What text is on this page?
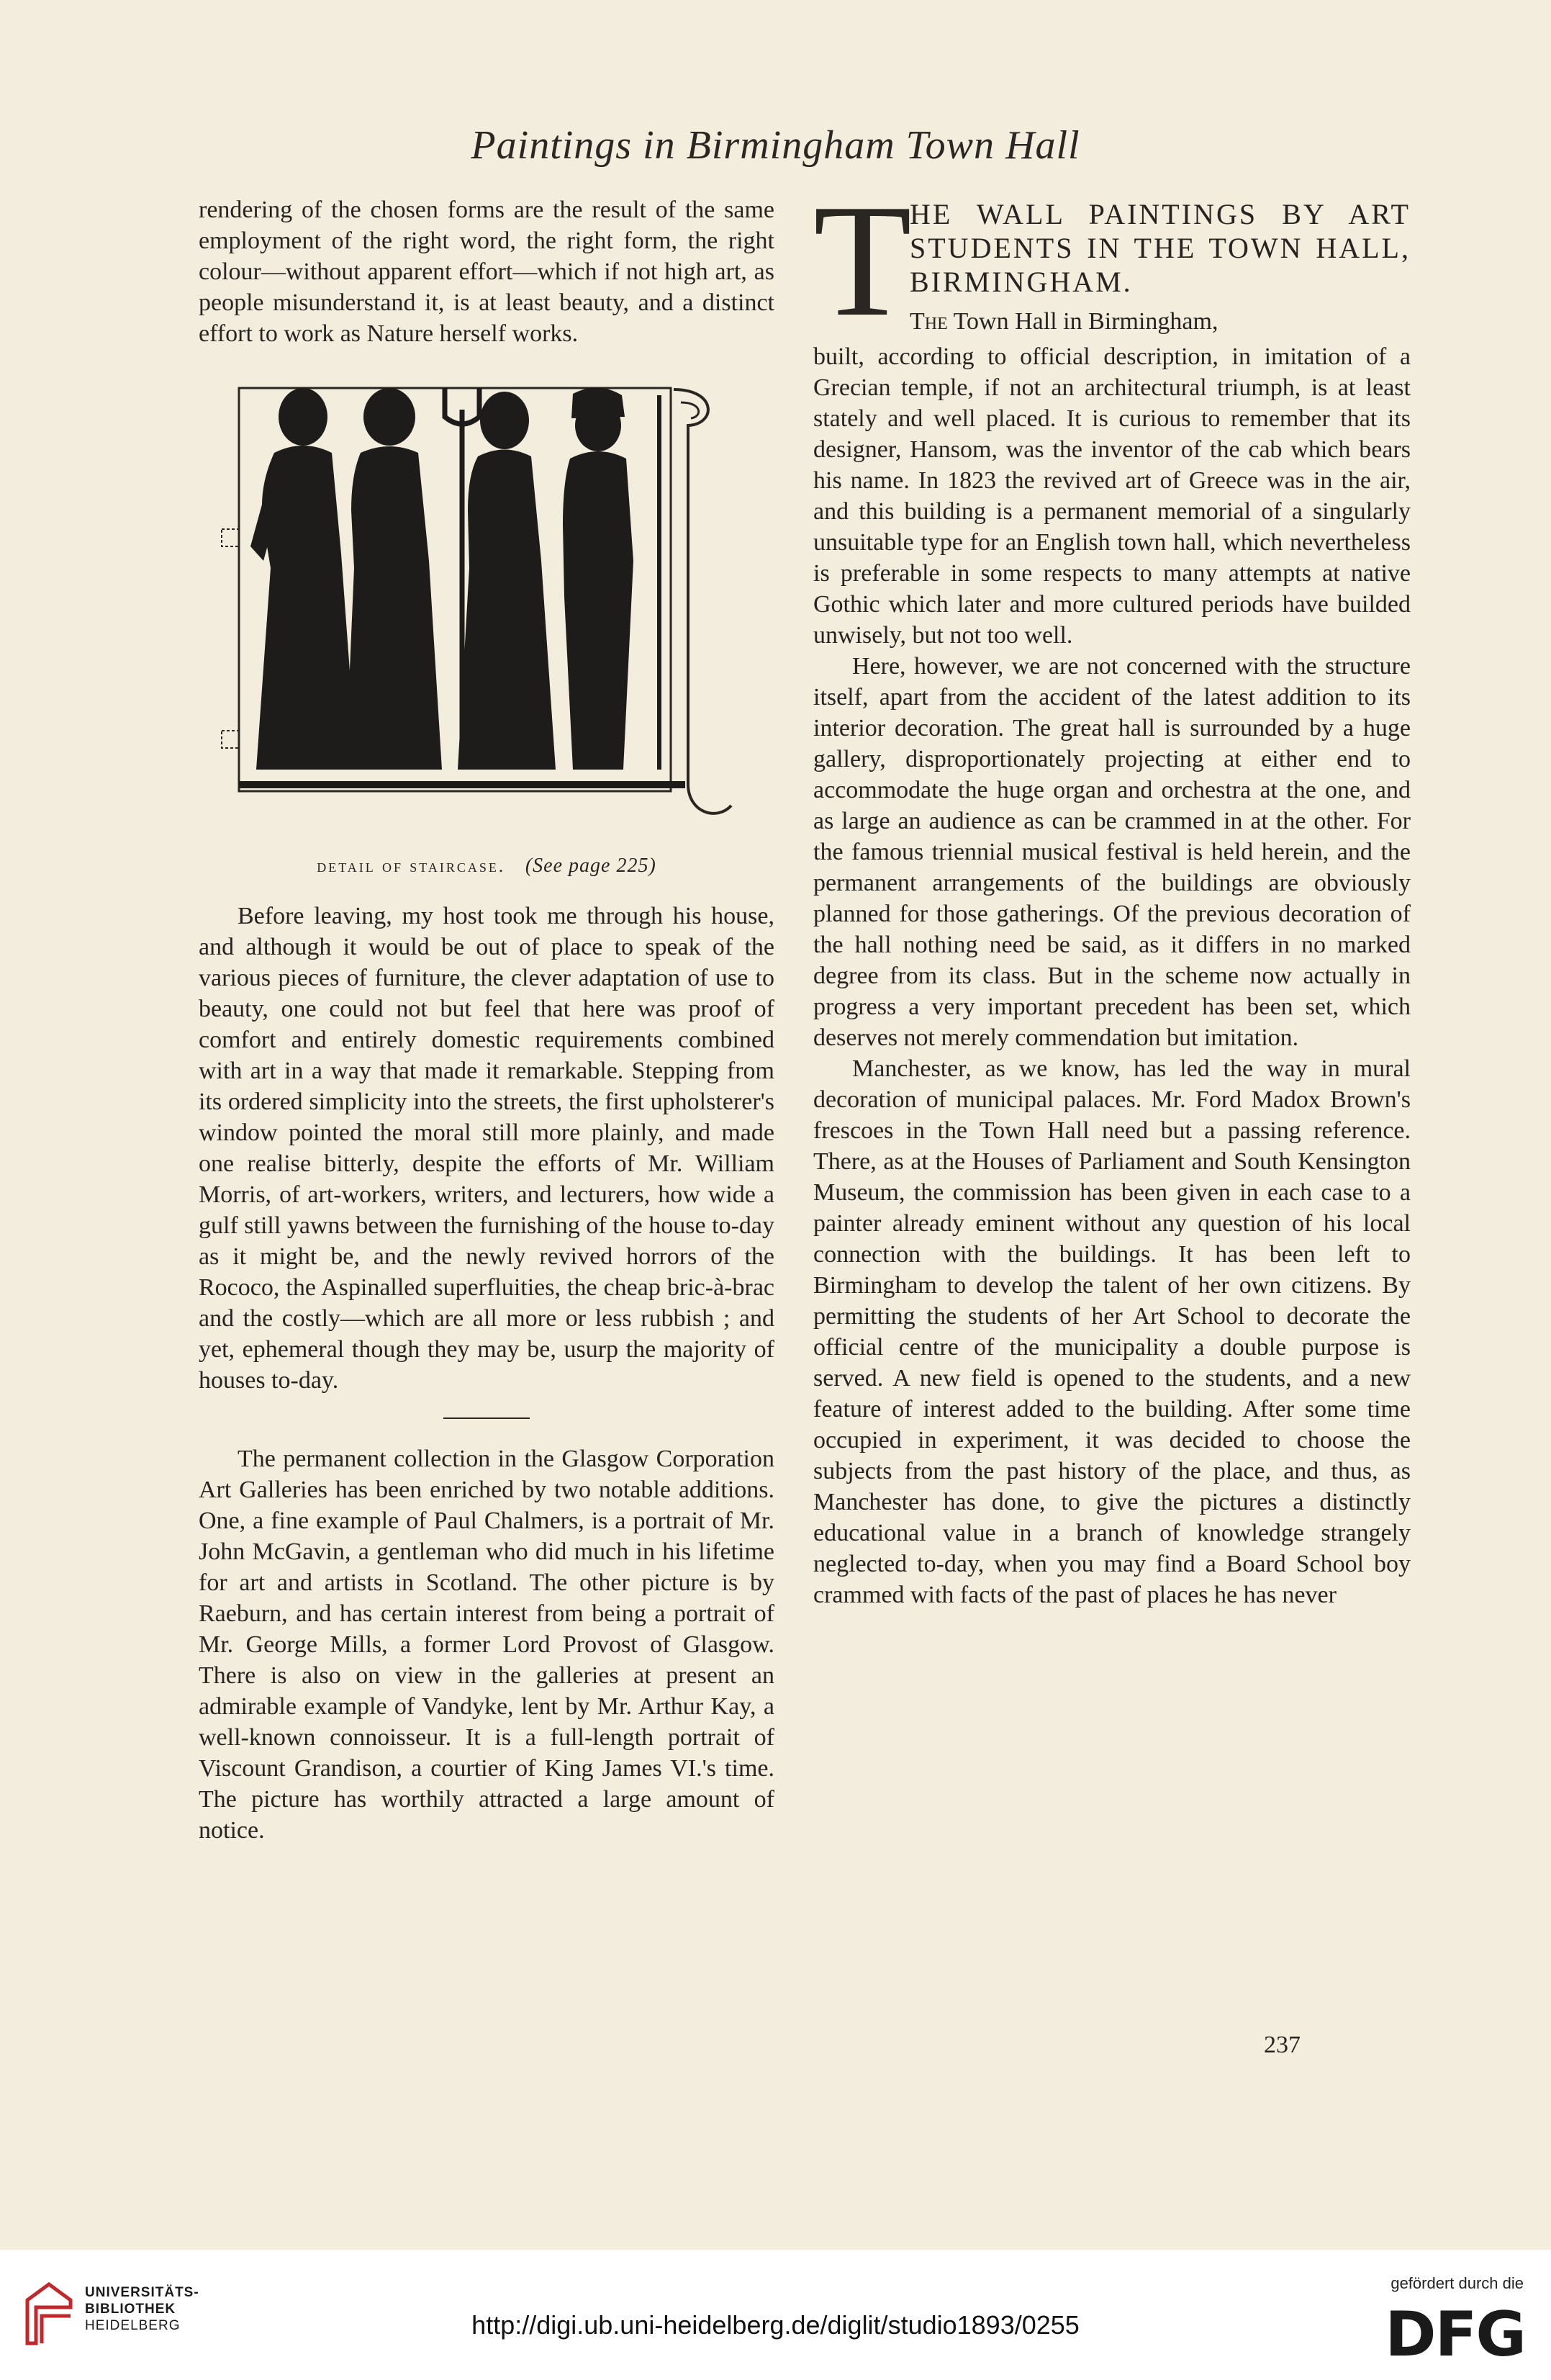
Paintings in Birmingham Town Hall

rendering of the chosen forms are the result of the same employment of the right word, the right form, the right colour—without apparent effort—which if not high art, as people misunderstand it, is at least beauty, and a distinct effort to work as Nature herself works.

detail of staircase. (See page 225)

Before leaving, my host took me through his house, and although it would be out of place to speak of the various pieces of furniture, the clever adaptation of use to beauty, one could not but feel that here was proof of comfort and entirely domestic requirements combined with art in a way that made it remarkable. Stepping from its ordered simplicity into the streets, the first upholsterer's window pointed the moral still more plainly, and made one realise bitterly, despite the efforts of Mr. William Morris, of art-workers, writers, and lecturers, how wide a gulf still yawns between the furnishing of the house to-day as it might be, and the newly revived horrors of the Rococo, the Aspinalled superfluities, the cheap bric-à-brac and the costly—which are all more or less rubbish ; and yet, ephemeral though they may be, usurp the majority of houses to-day.

The permanent collection in the Glasgow Corporation Art Galleries has been enriched by two notable additions. One, a fine example of Paul Chalmers, is a portrait of Mr. John McGavin, a gentleman who did much in his lifetime for art and artists in Scotland. The other picture is by Raeburn, and has certain interest from being a portrait of Mr. George Mills, a former Lord Provost of Glasgow. There is also on view in the galleries at present an admirable example of Vandyke, lent by Mr. Arthur Kay, a well-known connoisseur. It is a full-length portrait of Viscount Grandison, a courtier of King James VI.'s time. The picture has worthily attracted a large amount of notice.

T
HE WALL PAINTINGS BY ART STUDENTS IN THE TOWN HALL, BIRMINGHAM.
The Town Hall in Birmingham,

built, according to official description, in imitation of a Grecian temple, if not an architectural triumph, is at least stately and well placed. It is curious to remember that its designer, Hansom, was the inventor of the cab which bears his name. In 1823 the revived art of Greece was in the air, and this building is a permanent memorial of a singularly unsuitable type for an English town hall, which nevertheless is preferable in some respects to many attempts at native Gothic which later and more cultured periods have builded unwisely, but not too well.

Here, however, we are not concerned with the structure itself, apart from the accident of the latest addition to its interior decoration. The great hall is surrounded by a huge gallery, disproportionately projecting at either end to accommodate the huge organ and orchestra at the one, and as large an audience as can be crammed in at the other. For the famous triennial musical festival is held herein, and the permanent arrangements of the buildings are obviously planned for those gatherings. Of the previous decoration of the hall nothing need be said, as it differs in no marked degree from its class. But in the scheme now actually in progress a very important precedent has been set, which deserves not merely commendation but imitation.

Manchester, as we know, has led the way in mural decoration of municipal palaces. Mr. Ford Madox Brown's frescoes in the Town Hall need but a passing reference. There, as at the Houses of Parliament and South Kensington Museum, the commission has been given in each case to a painter already eminent without any question of his local connection with the buildings. It has been left to Birmingham to develop the talent of her own citizens. By permitting the students of her Art School to decorate the official centre of the municipality a double purpose is served. A new field is opened to the students, and a new feature of interest added to the building. After some time occupied in experiment, it was decided to choose the subjects from the past history of the place, and thus, as Manchester has done, to give the pictures a distinctly educational value in a branch of knowledge strangely neglected to-day, when you may find a Board School boy crammed with facts of the past of places he has never

237
UNIVERSITÄTS-
BIBLIOTHEK
HEIDELBERG	http://digi.ub.uni-heidelberg.de/diglit/studio1893/0255
gefördert durch die
DFG
